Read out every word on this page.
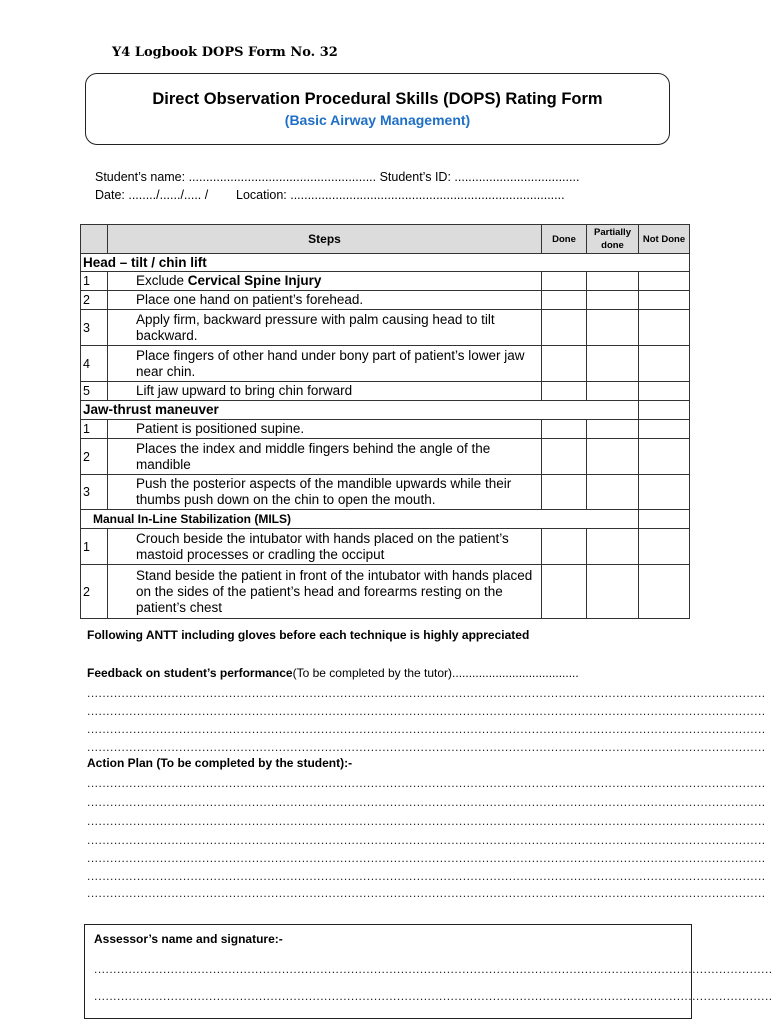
Y4 Logbook DOPS Form No. 32
Direct Observation Procedural Skills (DOPS) Rating Form
(Basic Airway Management)
Student’s name: ...................................................... Student’s ID: ....................................
Date: ......../....../..... /        Location: ...............................................................................
	Steps	Done	Partially done	Not Done
Head – tilt / chin lift				
1	Exclude Cervical Spine Injury			
2	Place one hand on patient’s forehead.			
3	Apply firm, backward pressure with palm causing head to tilt backward.			
4	Place fingers of other hand under bony part of patient’s lower jaw near chin.			
5	Lift jaw upward to bring chin forward			
Jaw-thrust maneuver				
1	Patient is positioned supine.			
2	Places the index and middle fingers behind the angle of the mandible			
3	Push the posterior aspects of the mandible upwards while their thumbs push down on the chin to open the mouth.			
Manual In-Line Stabilization (MILS)				
1	Crouch beside the intubator with hands placed on the patient’s mastoid processes or cradling the occiput			
2	Stand beside the patient in front of the intubator with hands placed on the sides of the patient’s head and forearms resting on the patient’s chest			
Following ANTT including gloves before each technique is highly appreciated
Feedback on student’s performance(To be completed by the tutor)......................................
.................................................................................................................................................................................
.................................................................................................................................................................................
.................................................................................................................................................................................
.................................................................................................................................................................................
Action Plan (To be completed by the student):-
.................................................................................................................................................................................
.................................................................................................................................................................................
.................................................................................................................................................................................
.................................................................................................................................................................................
.................................................................................................................................................................................
.................................................................................................................................................................................
.................................................................................................................................................................................
Assessor’s name and signature:-
.................................................................................................................................................................................
.................................................................................................................................................................................
